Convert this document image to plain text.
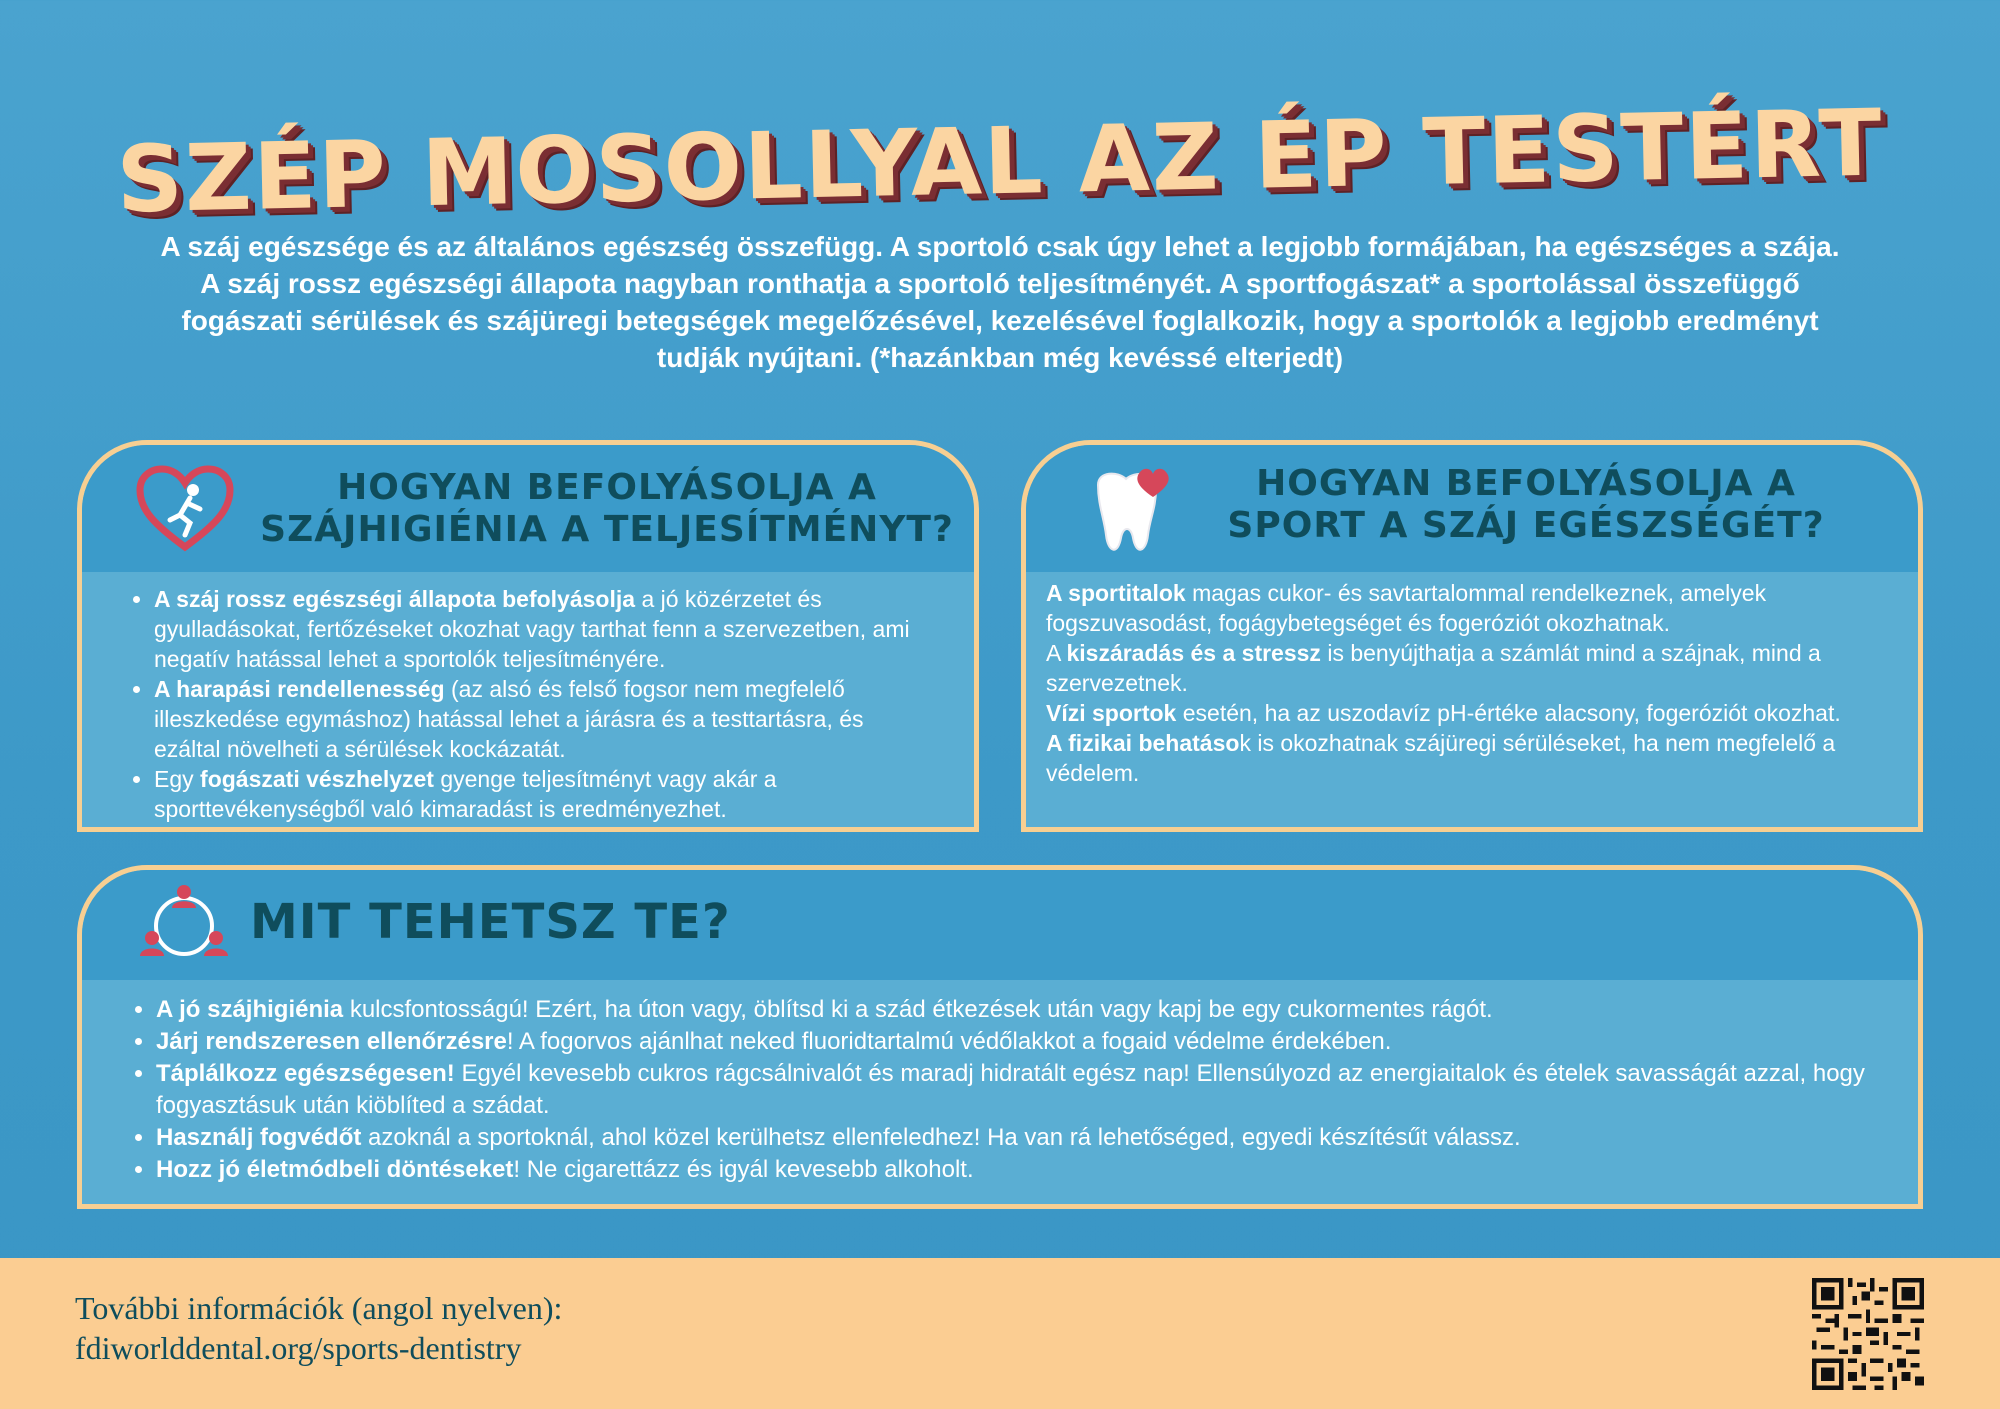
SZÉP MOSOLLYAL AZ ÉP TESTÉRT
A száj egészsége és az általános egészség összefügg. A sportoló csak úgy lehet a legjobb formájában, ha egészséges a szája. A száj rossz egészségi állapota nagyban ronthatja a sportoló teljesítményét. A sportfogászat* a sportolással összefüggő fogászati sérülések és szájüregi betegségek megelőzésével, kezelésével foglalkozik, hogy a sportolók a legjobb eredményt tudják nyújtani. (*hazánkban még kevéssé elterjedt)
HOGYAN BEFOLYÁSOLJA A
SZÁJHIGIÉNIA A TELJESÍTMÉNYT?
• A száj rossz egészségi állapota befolyásolja a jó közérzetet és gyulladásokat, fertőzéseket okozhat vagy tarthat fenn a szervezetben, ami negatív hatással lehet a sportolók teljesítményére.
• A harapási rendellenesség (az alsó és felső fogsor nem megfelelő illeszkedése egymáshoz) hatással lehet a járásra és a testtartásra, és ezáltal növelheti a sérülések kockázatát.
• Egy fogászati vészhelyzet gyenge teljesítményt vagy akár a sporttevékenységből való kimaradást is eredményezhet.
HOGYAN BEFOLYÁSOLJA A
SPORT A SZÁJ EGÉSZSÉGÉT?
A sportitalok magas cukor- és savtartalommal rendelkeznek, amelyek fogszuvasodást, fogágybetegséget és fogeróziót okozhatnak.
A kiszáradás és a stressz is benyújthatja a számlát mind a szájnak, mind a szervezetnek.
Vízi sportok esetén, ha az uszodavíz pH-értéke alacsony, fogeróziót okozhat.
A fizikai behatások is okozhatnak szájüregi sérüléseket, ha nem megfelelő a védelem.
MIT TEHETSZ TE?
• A jó szájhigiénia kulcsfontosságú! Ezért, ha úton vagy, öblítsd ki a szád étkezések után vagy kapj be egy cukormentes rágót.
• Járj rendszeresen ellenőrzésre! A fogorvos ajánlhat neked fluoridtartalmú védőlakkot a fogaid védelme érdekében.
• Táplálkozz egészségesen! Egyél kevesebb cukros rágcsálnivalót és maradj hidratált egész nap! Ellensúlyozd az energiaitalok és ételek savasságát azzal, hogy fogyasztásuk után kiöblíted a szádat.
• Használj fogvédőt azoknál a sportoknál, ahol közel kerülhetsz ellenfeledhez! Ha van rá lehetőséged, egyedi készítésűt válassz.
• Hozz jó életmódbeli döntéseket! Ne cigarettázz és igyál kevesebb alkoholt.
További információk (angol nyelven):
fdiworlddental.org/sports-dentistry
